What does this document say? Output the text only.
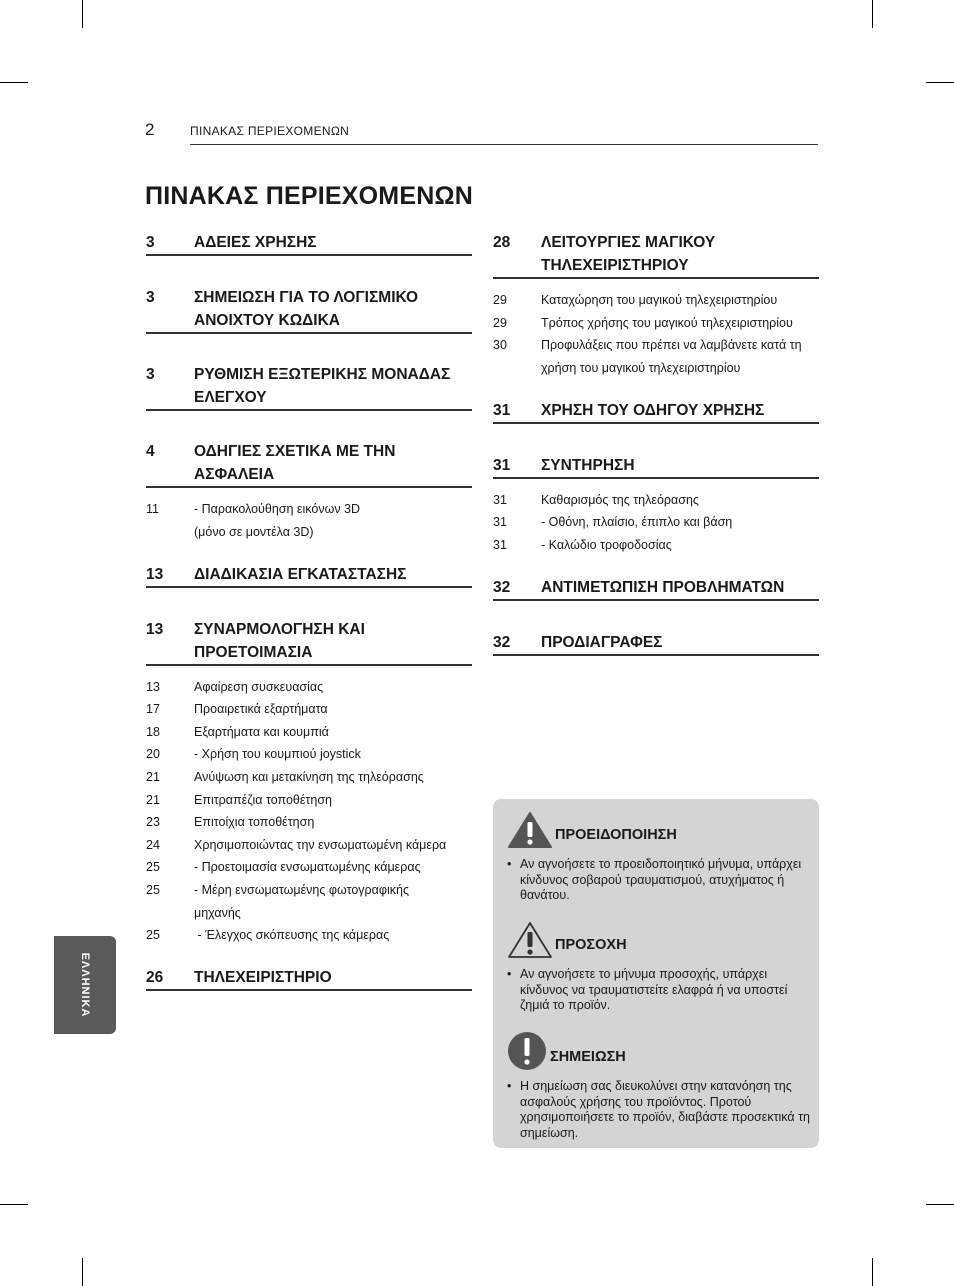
2	ΠΙΝΑΚΑΣ ΠΕΡΙΕΧΟΜΕΝΩΝ
ΠΙΝΑΚΑΣ ΠΕΡΙΕΧΟΜΕΝΩΝ
3	ΑΔΕΙΕΣ ΧΡΗΣΗΣ
3	ΣΗΜΕΙΩΣΗ ΓΙΑ ΤΟ ΛΟΓΙΣΜΙΚΟ ΑΝΟΙΧΤΟΥ ΚΩΔΙΚΑ
3	ΡΥΘΜΙΣΗ ΕΞΩΤΕΡΙΚΗΣ ΜΟΝΑΔΑΣ ΕΛΕΓΧΟΥ
4	ΟΔΗΓΙΕΣ ΣΧΕΤΙΚΑ ΜΕ ΤΗΝ ΑΣΦΑΛΕΙΑ
11	- Παρακολούθηση εικόνων 3D
(μόνο σε μοντέλα 3D)
13	ΔΙΑΔΙΚΑΣΙΑ ΕΓΚΑΤΑΣΤΑΣΗΣ
13	ΣΥΝΑΡΜΟΛΟΓΗΣΗ ΚΑΙ ΠΡΟΕΤΟΙΜΑΣΙΑ
13	Αφαίρεση συσκευασίας
17	Προαιρετικά εξαρτήματα
18	Εξαρτήματα και κουμπιά
20	- Χρήση του κουμπιού joystick
21	Ανύψωση και μετακίνηση της τηλεόρασης
21	Επιτραπέζια τοποθέτηση
23	Επιτοίχια τοποθέτηση
24	Χρησιμοποιώντας την ενσωματωμένη κάμερα
25	- Προετοιμασία ενσωματωμένης κάμερας
25	- Μέρη ενσωματωμένης φωτογραφικής
μηχανής
25	- Έλεγχος σκόπευσης της κάμερας
26	ΤΗΛΕΧΕΙΡΙΣΤΗΡΙΟ
28	ΛΕΙΤΟΥΡΓΙΕΣ ΜΑΓΙΚΟΥ ΤΗΛΕΧΕΙΡΙΣΤΗΡΙΟΥ
29	Καταχώρηση του μαγικού τηλεχειριστηρίου
29	Τρόπος χρήσης του μαγικού τηλεχειριστηρίου
30	Προφυλάξεις που πρέπει να λαμβάνετε κατά τη
χρήση του μαγικού τηλεχειριστηρίου
31	ΧΡΗΣΗ ΤΟΥ ΟΔΗΓΟΥ ΧΡΗΣΗΣ
31	ΣΥΝΤΗΡΗΣΗ
31	Καθαρισμός της τηλεόρασης
31	- Οθόνη, πλαίσιο, έπιπλο και βάση
31	- Καλώδιο τροφοδοσίας
32	ΑΝΤΙΜΕΤΩΠΙΣΗ ΠΡΟΒΛΗΜΑΤΩΝ
32	ΠΡΟΔΙΑΓΡΑΦΕΣ
ΠΡΟΕΙΔΟΠΟΙΗΣΗ
• Αν αγνοήσετε το προειδοποιητικό μήνυμα, υπάρχει κίνδυνος σοβαρού τραυματισμού, ατυχήματος ή θανάτου.
ΠΡΟΣΟΧΗ
• Αν αγνοήσετε το μήνυμα προσοχής, υπάρχει κίνδυνος να τραυματιστείτε ελαφρά ή να υποστεί ζημιά το προϊόν.
ΣΗΜΕΙΩΣΗ
• Η σημείωση σας διευκολύνει στην κατανόηση της ασφαλούς χρήσης του προϊόντος. Προτού χρησιμοποιήσετε το προϊόν, διαβάστε προσεκτικά τη σημείωση.
ΕΛΛΗΝΙΚΑ
